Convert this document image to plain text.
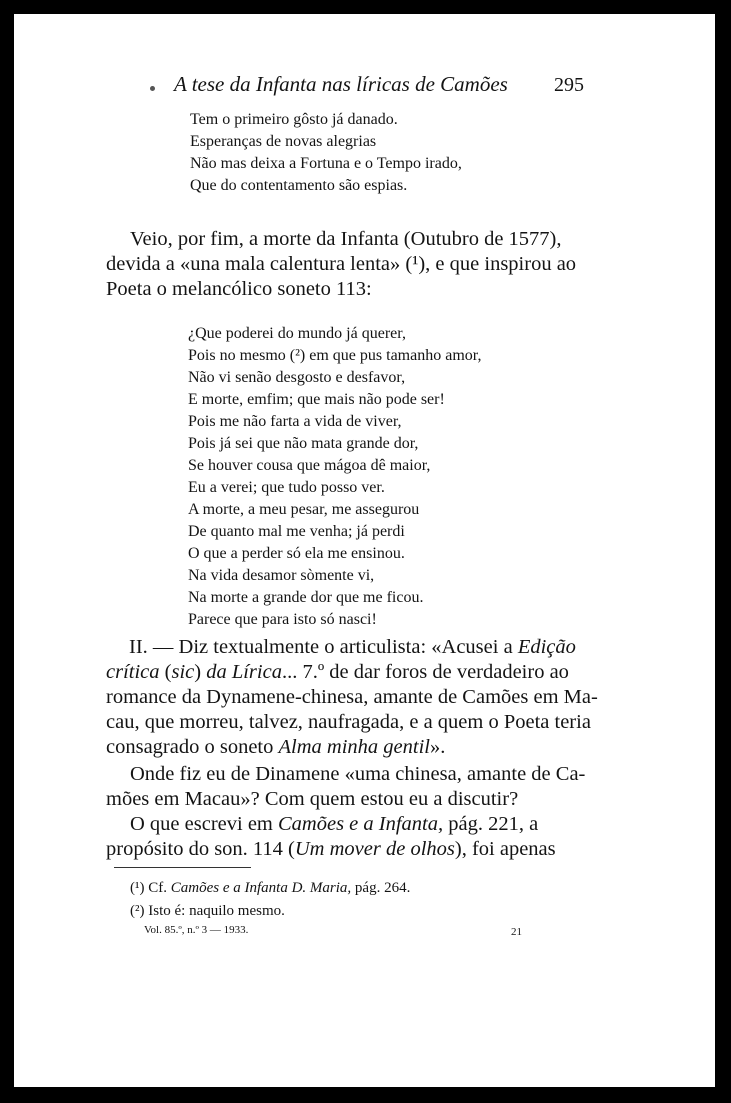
A tese da Infanta nas líricas de Camões 295
Tem o primeiro gôsto já danado.
Esperanças de novas alegrias
Não mas deixa a Fortuna e o Tempo irado,
Que do contentamento são espias.
Veio, por fim, a morte da Infanta (Outubro de 1577),
devida a «una mala calentura lenta» (¹), e que inspirou ao
Poeta o melancólico soneto 113:
¿Que poderei do mundo já querer,
Pois no mesmo (²) em que pus tamanho amor,
Não vi senão desgosto e desfavor,
E morte, emfim; que mais não pode ser!
Pois me não farta a vida de viver,
Pois já sei que não mata grande dor,
Se houver cousa que mágoa dê maior,
Eu a verei; que tudo posso ver.
A morte, a meu pesar, me assegurou
De quanto mal me venha; já perdi
O que a perder só ela me ensinou.
Na vida desamor sòmente vi,
Na morte a grande dor que me ficou.
Parece que para isto só nasci!
II. — Diz textualmente o articulista: «Acusei a Edição
crítica (sic) da Lírica... 7.º de dar foros de verdadeiro ao
romance da Dynamene-chinesa, amante de Camões em Ma-
cau, que morreu, talvez, naufragada, e a quem o Poeta teria
consagrado o soneto Alma minha gentil».
Onde fiz eu de Dinamene «uma chinesa, amante de Ca-
mões em Macau»? Com quem estou eu a discutir?
O que escrevi em Camões e a Infanta, pág. 221, a
propósito do son. 114 (Um mover de olhos), foi apenas
(¹) Cf. Camões e a Infanta D. Maria, pág. 264.
(²) Isto é: naquilo mesmo.
Vol. 85.º, n.º 3 — 1933.	21
